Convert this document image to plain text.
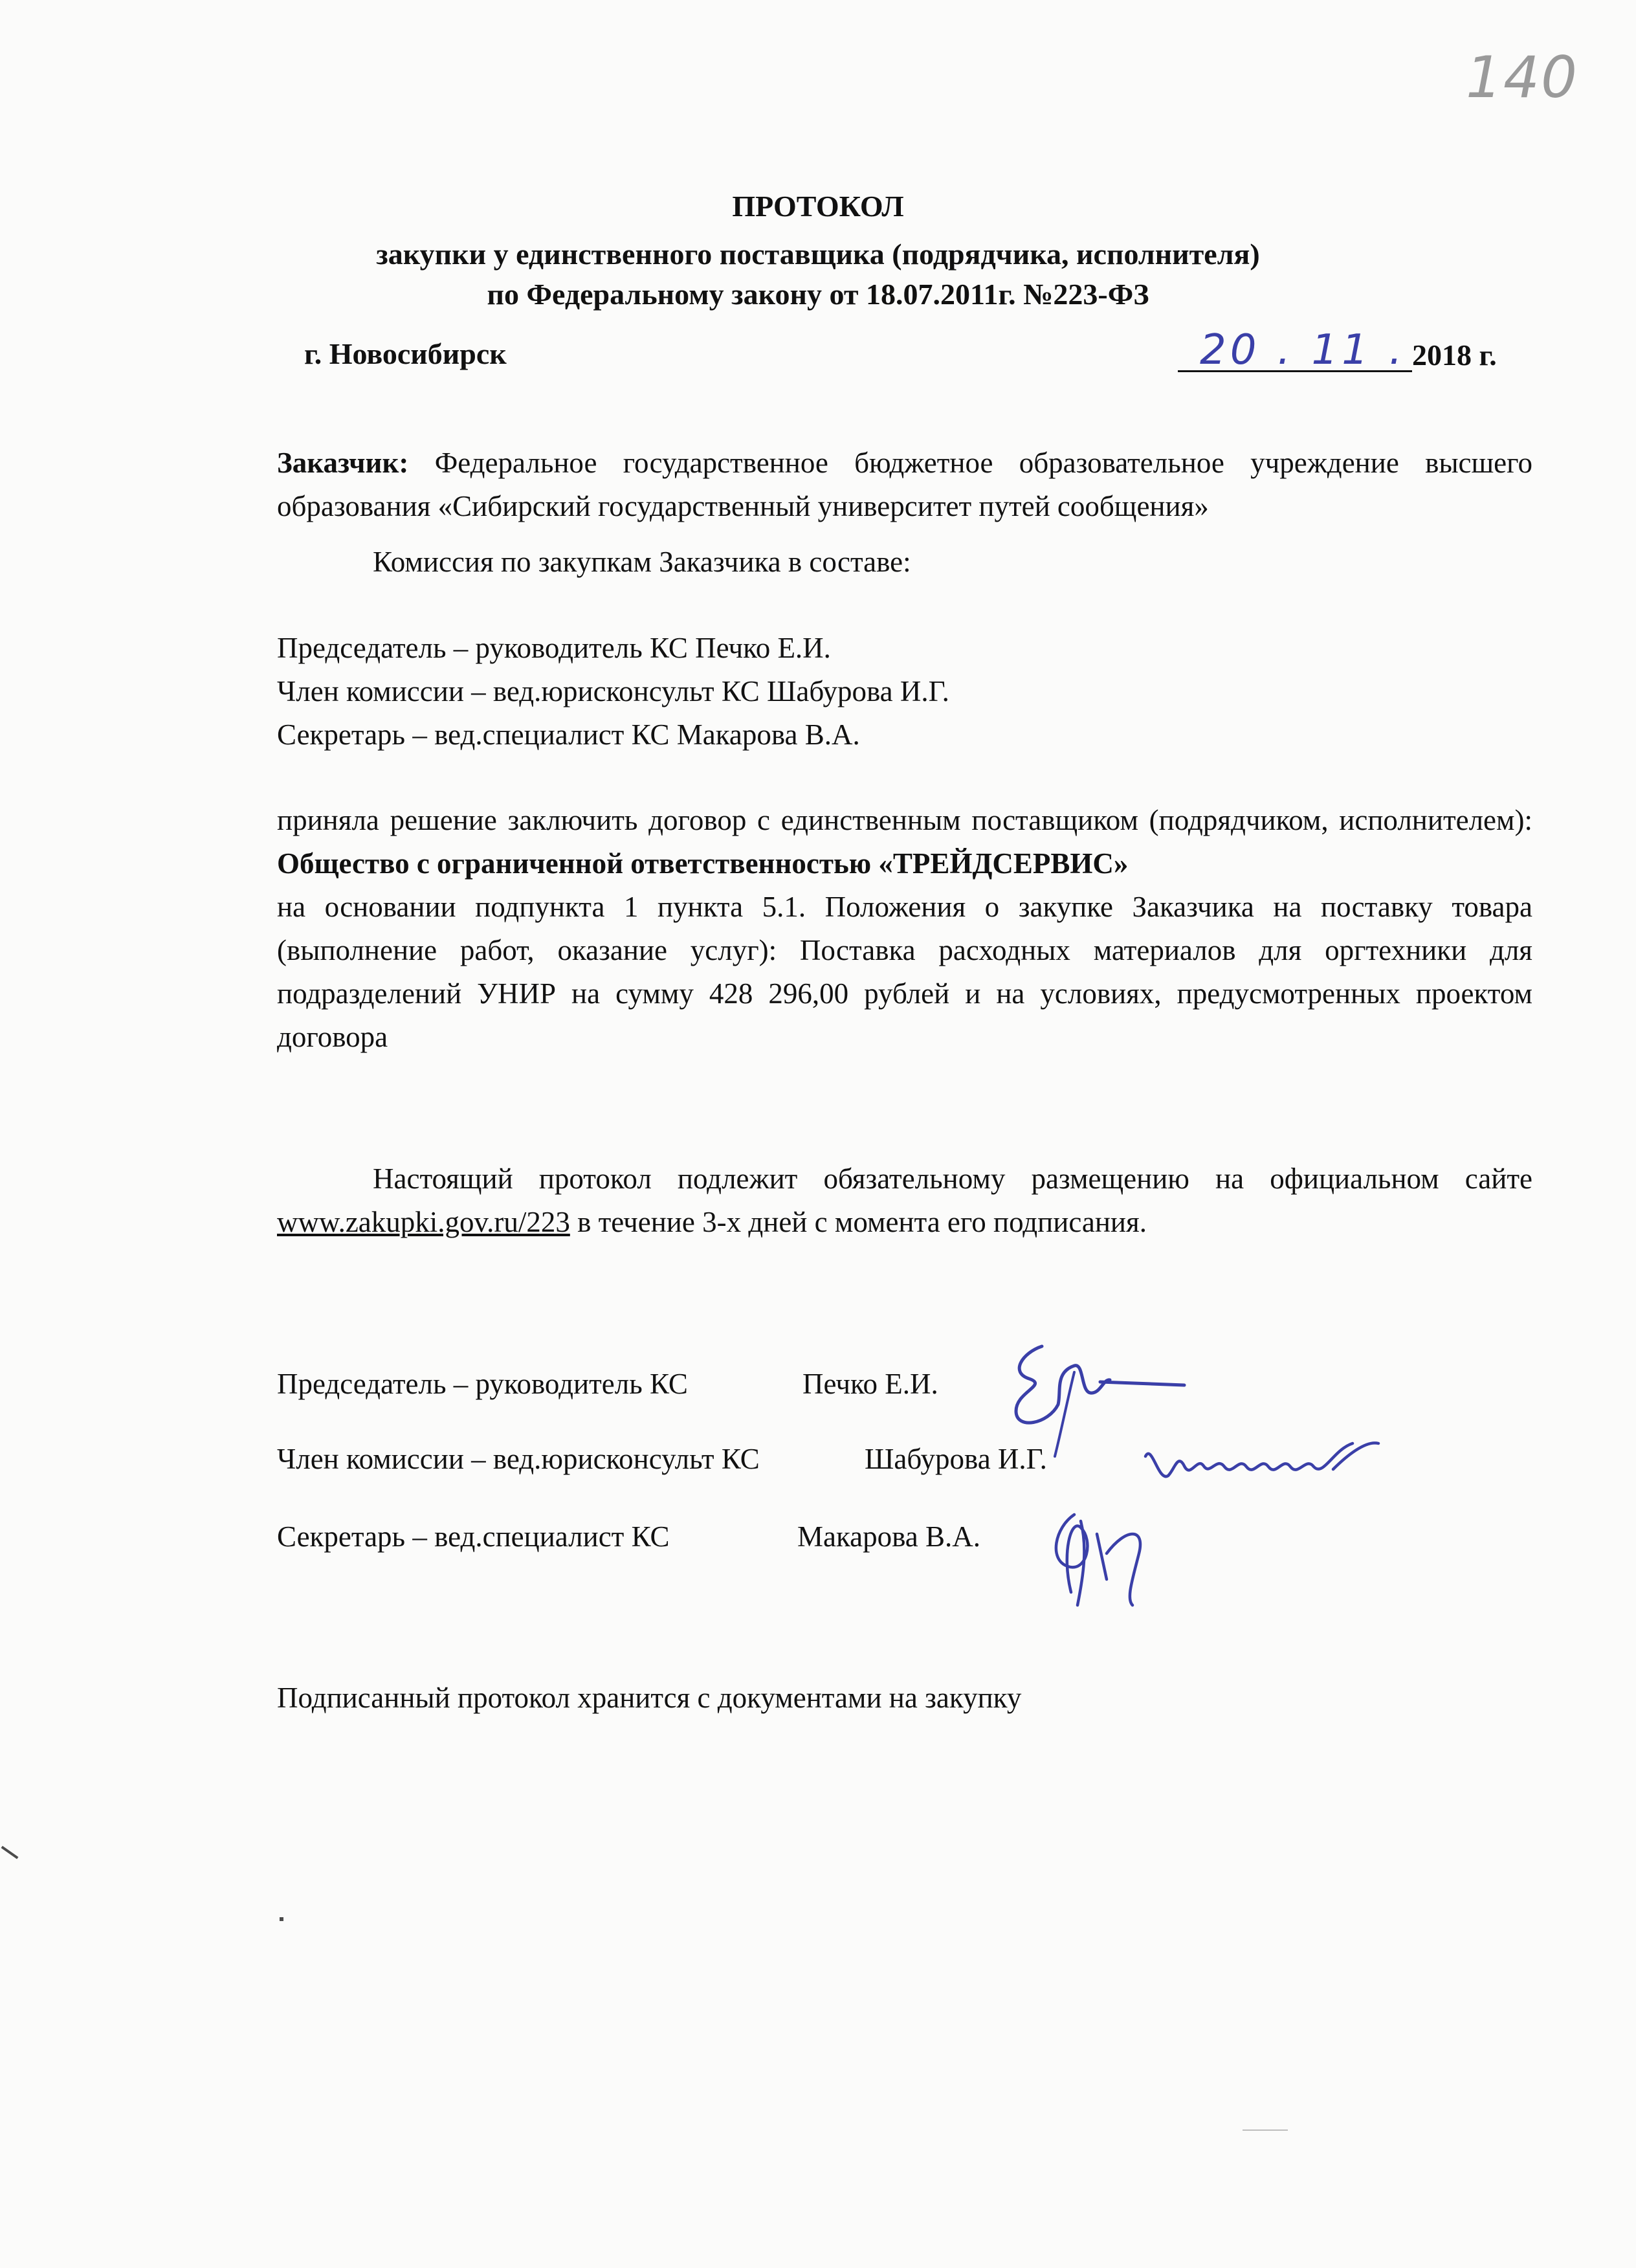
140
ПРОТОКОЛ
закупки у единственного поставщика (подрядчика, исполнителя)
по Федеральному закону от 18.07.2011г. №223-ФЗ
г. Новосибирск	20 . 11 . 2018 г.
Заказчик: Федеральное государственное бюджетное образовательное учреждение высшего образования «Сибирский государственный университет путей сообщения»
Комиссия по закупкам Заказчика в составе:
Председатель – руководитель КС Печко Е.И.
Член комиссии – вед.юрисконсульт КС Шабурова И.Г.
Секретарь – вед.специалист КС Макарова В.А.
приняла решение заключить договор с единственным поставщиком (подрядчиком, исполнителем): Общество с ограниченной ответственностью «ТРЕЙДСЕРВИС»
на основании подпункта 1 пункта 5.1. Положения о закупке Заказчика на поставку товара (выполнение работ, оказание услуг): Поставка расходных материалов для оргтехники для подразделений УНИР на сумму 428 296,00 рублей и на условиях, предусмотренных проектом договора
Настоящий протокол подлежит обязательному размещению на официальном сайте www.zakupki.gov.ru/223 в течение 3-х дней с момента его подписания.
Председатель – руководитель КС	Печко Е.И.
Член комиссии – вед.юрисконсульт КС	Шабурова И.Г.
Секретарь – вед.специалист КС	Макарова В.А.
Подписанный протокол хранится с документами на закупку
